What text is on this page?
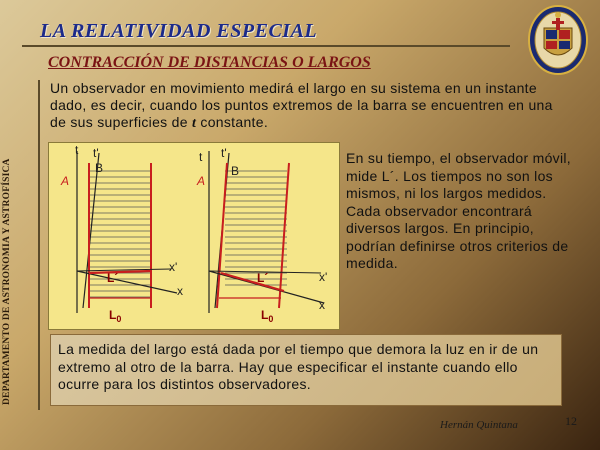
LA RELATIVIDAD ESPECIAL
CONTRACCIÓN DE DISTANCIAS O LARGOS
DEPARTAMENTO DE ASTRONOMIA Y ASTROFÍSICA
Un observador en movimiento medirá el largo en su sistema en un instante dado, es decir, cuando los puntos extremos de la barra se encuentren en una de sus superficies de t constante.
t t'
A
B
L´
$L_0$
x'
x
t t'
A
B
L´
$L_0$
x'
x
En su tiempo, el observador móvil, mide L´. Los tiempos no son los mismos, ni los largos medidos. Cada observador encontrará diversos largos. En principio, podrían definirse otros criterios de medida.
La medida del largo está dada por el tiempo que demora la luz en ir de un extremo al otro de la barra. Hay que especificar el instante cuando ello ocurre para los distintos observadores.
Hernán Quintana	12
